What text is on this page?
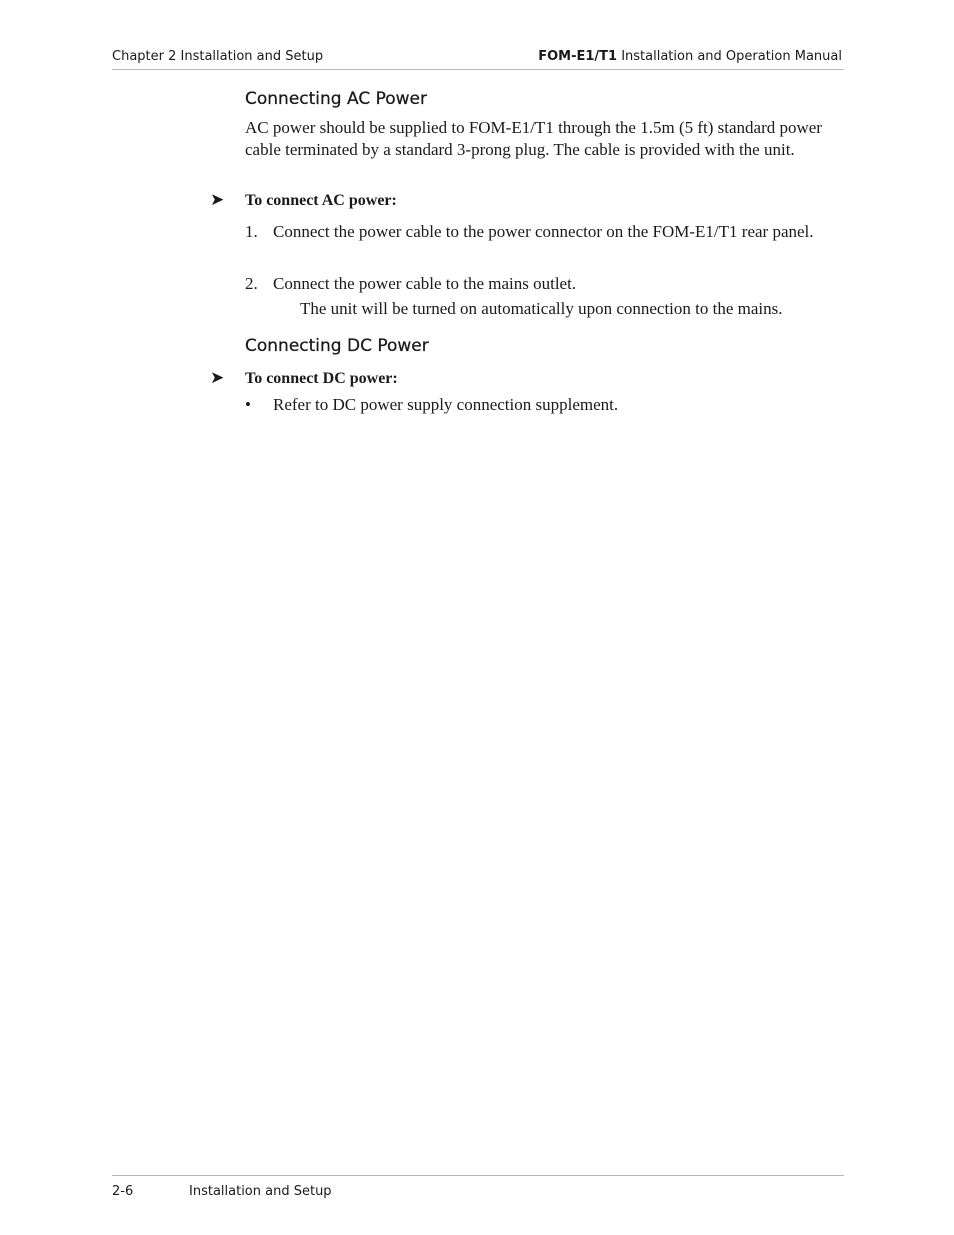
Chapter 2 Installation and Setup	FOM-E1/T1 Installation and Operation Manual
Connecting AC Power

AC power should be supplied to FOM-E1/T1 through the 1.5m (5 ft) standard power cable terminated by a standard 3-prong plug. The cable is provided with the unit.

➤ To connect AC power:
1. Connect the power cable to the power connector on the FOM-E1/T1 rear panel.
2. Connect the power cable to the mains outlet.
The unit will be turned on automatically upon connection to the mains.
Connecting DC Power
➤ To connect DC power:
• Refer to DC power supply connection supplement.
2-6	Installation and Setup
